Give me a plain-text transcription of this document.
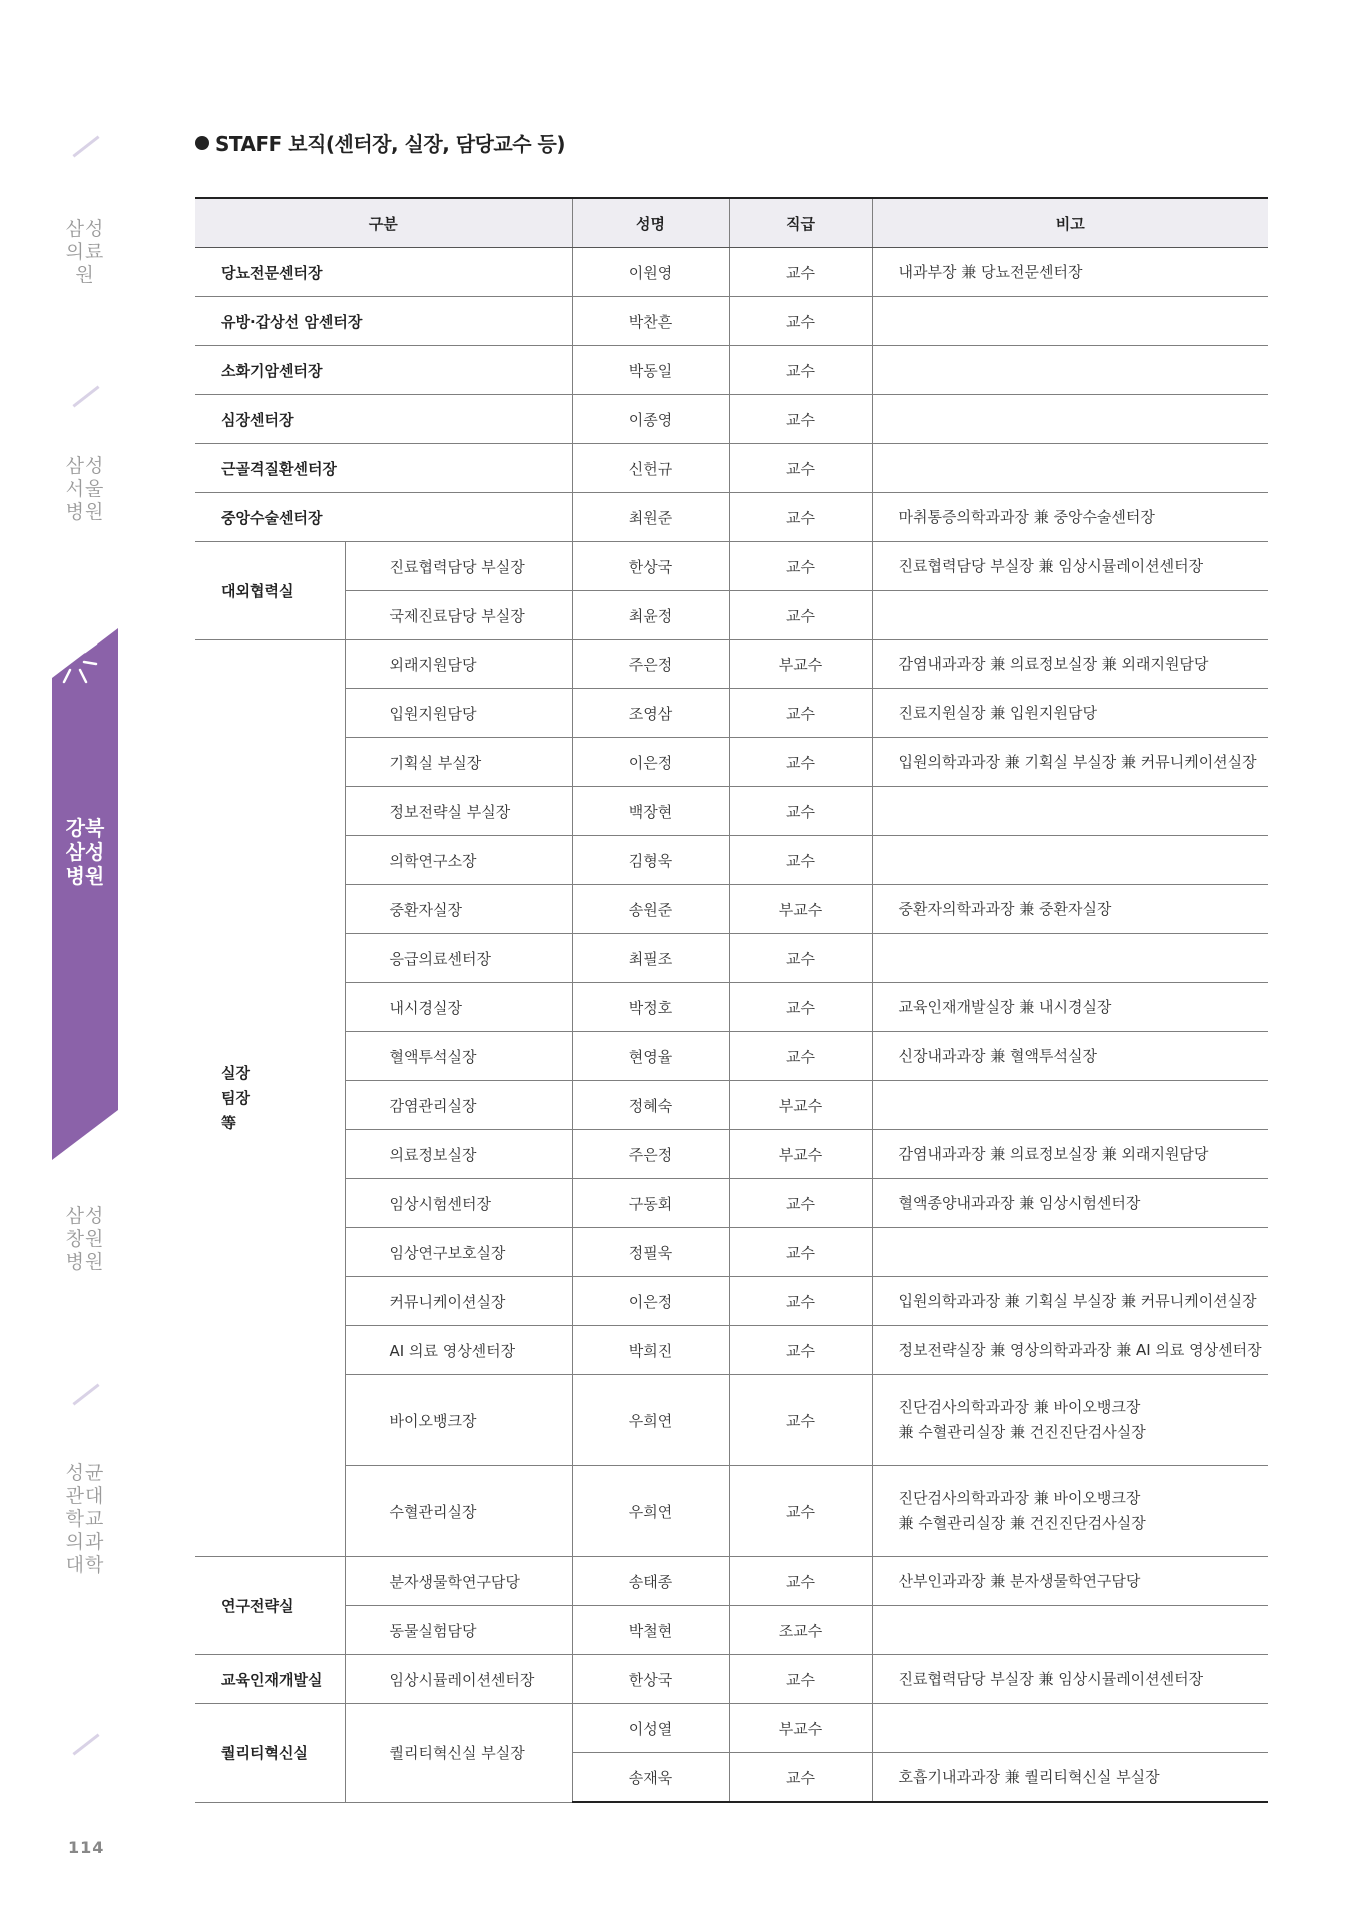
삼성의료원
삼성서울병원
강북삼성병원
삼성창원병원
성균관대학교 의과대학
114
STAFF 보직(센터장, 실장, 담당교수 등)
구분		성명	직급	비고
당뇨전문센터장		이원영	교수	내과부장 兼 당뇨전문센터장
유방·갑상선 암센터장		박찬흔	교수	
소화기암센터장		박동일	교수	
심장센터장		이종영	교수	
근골격질환센터장		신헌규	교수	
중앙수술센터장		최원준	교수	마취통증의학과과장 兼 중앙수술센터장
대외협력실	진료협력담당 부실장	한상국	교수	진료협력담당 부실장 兼 임상시뮬레이션센터장
	국제진료담당 부실장	최윤정	교수	

실장
팀장
等	외래지원담당	주은정	부교수	감염내과과장 兼 의료정보실장 兼 외래지원담당
	입원지원담당	조영삼	교수	진료지원실장 兼 입원지원담당
	기획실 부실장	이은정	교수	입원의학과과장 兼 기획실 부실장 兼 커뮤니케이션실장
	정보전략실 부실장	백장현	교수	
	의학연구소장	김형욱	교수	
	중환자실장	송원준	부교수	중환자의학과과장 兼 중환자실장
	응급의료센터장	최필조	교수	
	내시경실장	박정호	교수	교육인재개발실장 兼 내시경실장
	혈액투석실장	현영율	교수	신장내과과장 兼 혈액투석실장
	감염관리실장	정혜숙	부교수	
	의료정보실장	주은정	부교수	감염내과과장 兼 의료정보실장 兼 외래지원담당
	임상시험센터장	구동회	교수	혈액종양내과과장 兼 임상시험센터장
	임상연구보호실장	정필욱	교수	
	커뮤니케이션실장	이은정	교수	입원의학과과장 兼 기획실 부실장 兼 커뮤니케이션실장
	AI 의료 영상센터장	박희진	교수	정보전략실장 兼 영상의학과과장 兼 AI 의료 영상센터장
	바이오뱅크장	우희연	교수	진단검사의학과과장 兼 바이오뱅크장
兼 수혈관리실장 兼 건진진단검사실장

	수혈관리실장	우희연	교수	진단검사의학과과장 兼 바이오뱅크장
兼 수혈관리실장 兼 건진진단검사실장

연구전략실	분자생물학연구담당	송태종	교수	산부인과과장 兼 분자생물학연구담당
	동물실험담당	박철현	조교수	
교육인재개발실	임상시뮬레이션센터장	한상국	교수	진료협력담당 부실장 兼 임상시뮬레이션센터장
퀄리티혁신실	퀄리티혁신실 부실장	이성열	부교수	
		송재욱	교수	호흡기내과과장 兼 퀄리티혁신실 부실장
